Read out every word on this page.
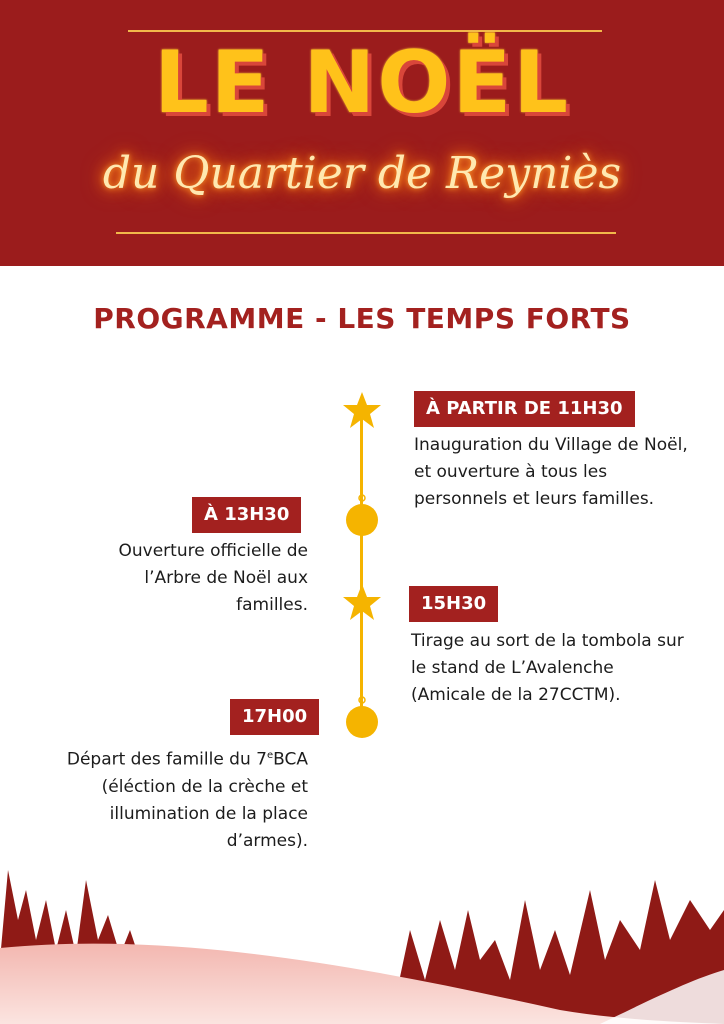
LE NOËL
du Quartier de Reyniès
PROGRAMME - LES TEMPS FORTS
À PARTIR DE 11H30
Inauguration du Village de Noël, et ouverture à tous les personnels et leurs familles.
À 13H30
Ouverture officielle de l’Arbre de Noël aux familles.	15H30
Tirage au sort de la tombola sur le stand de L’Avalenche (Amicale de la 27CCTM).
17H00
Départ des famille du 7eBCA (éléction de la crèche et illumination de la place d’armes).
